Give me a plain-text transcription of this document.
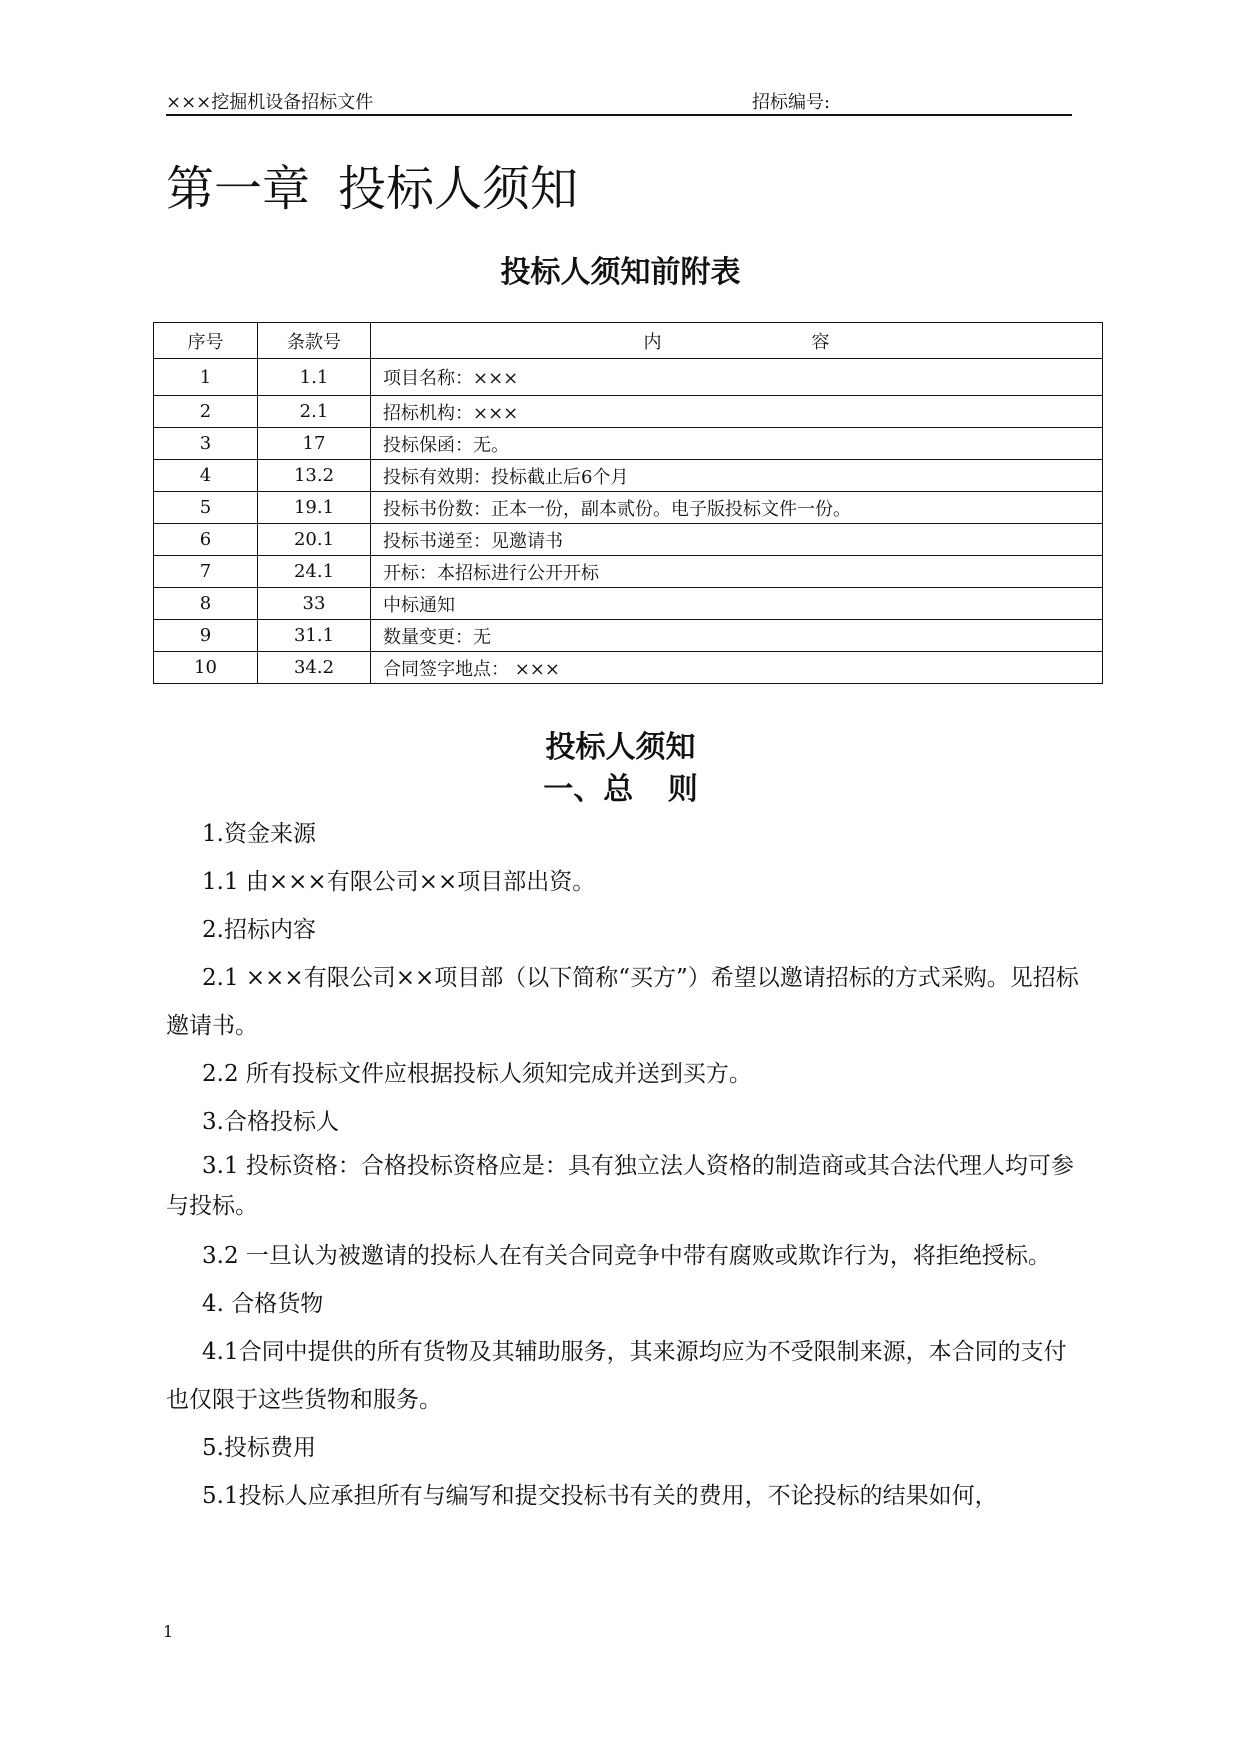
×××挖掘机设备招标文件	招标编号:
第一章 投标人须知
投标人须知前附表
序号	条款号	内 容
1	1.1	项目名称：×××
2	2.1	招标机构：×××
3	17	投标保函：无。
4	13.2	投标有效期：投标截止后6个月
5	19.1	投标书份数：正本一份，副本贰份。电子版投标文件一份。
6	20.1	投标书递至：见邀请书
7	24.1	开标：本招标进行公开开标
8	33	中标通知
9	31.1	数量变更：无
10	34.2	合同签字地点： ×××
投标人须知
一、总 则

1.资金来源

1.1 由×××有限公司××项目部出资。

2.招标内容

2.1 ×××有限公司××项目部（以下简称“买方”）希望以邀请招标的方式采购。见招标邀请书。

2.2 所有投标文件应根据投标人须知完成并送到买方。

3.合格投标人

3.1 投标资格：合格投标资格应是：具有独立法人资格的制造商或其合法代理人均可参与投标。

3.2 一旦认为被邀请的投标人在有关合同竞争中带有腐败或欺诈行为，将拒绝授标。

4. 合格货物

4.1合同中提供的所有货物及其辅助服务，其来源均应为不受限制来源，本合同的支付也仅限于这些货物和服务。

5.投标费用

5.1投标人应承担所有与编写和提交投标书有关的费用，不论投标的结果如何，

1
